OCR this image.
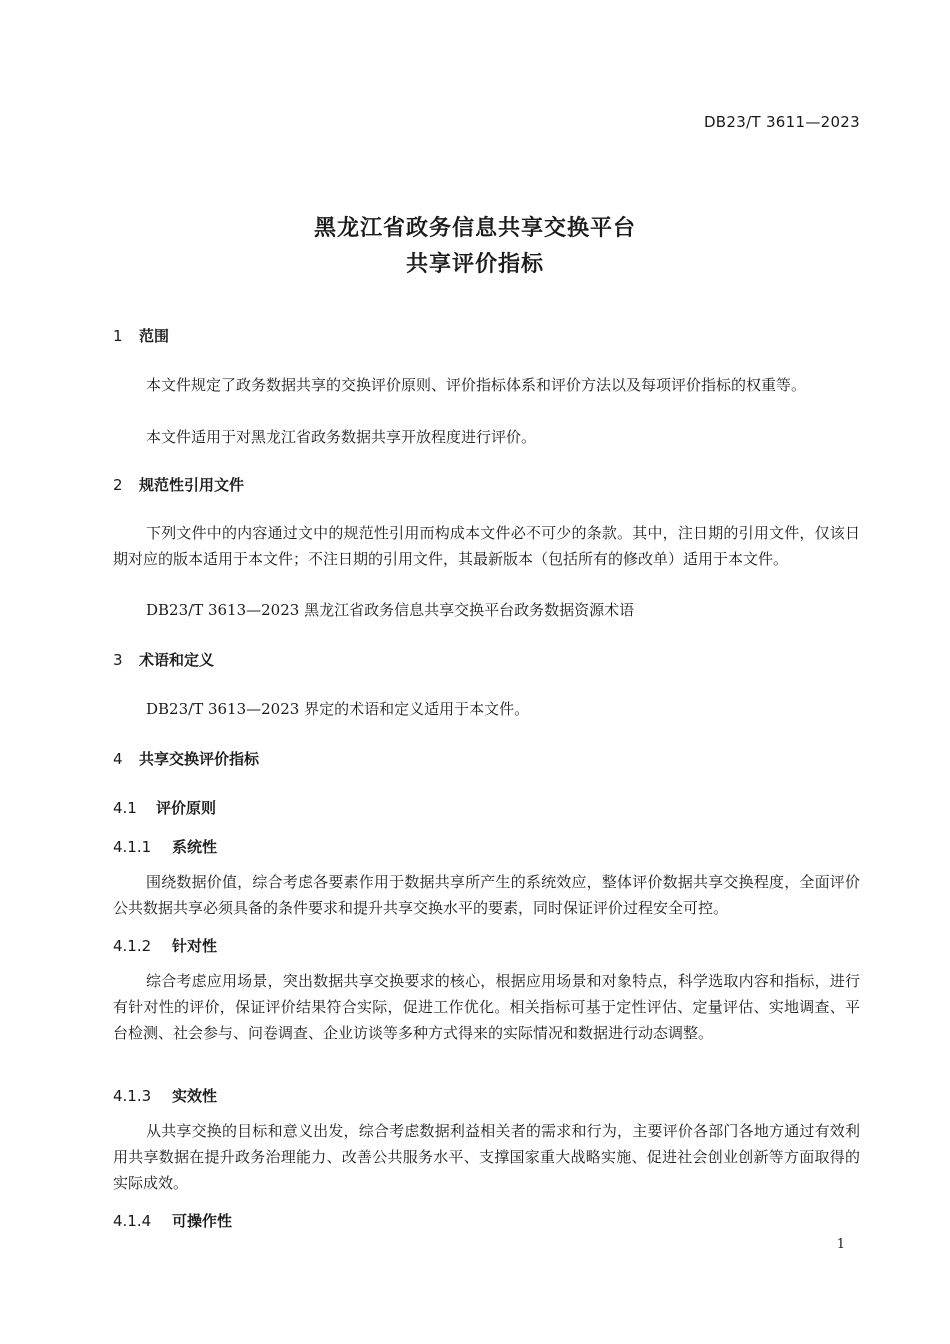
DB23/T 3611—2023
黑龙江省政务信息共享交换平台
共享评价指标
1 范围
本文件规定了政务数据共享的交换评价原则、评价指标体系和评价方法以及每项评价指标的权重等。
本文件适用于对黑龙江省政务数据共享开放程度进行评价。
2 规范性引用文件
下列文件中的内容通过文中的规范性引用而构成本文件必不可少的条款。其中，注日期的引用文件，仅该日期对应的版本适用于本文件；不注日期的引用文件，其最新版本（包括所有的修改单）适用于本文件。
DB23/T 3613—2023 黑龙江省政务信息共享交换平台政务数据资源术语
3 术语和定义
DB23/T 3613—2023 界定的术语和定义适用于本文件。
4 共享交换评价指标
4.1 评价原则
4.1.1 系统性
围绕数据价值，综合考虑各要素作用于数据共享所产生的系统效应，整体评价数据共享交换程度，全面评价公共数据共享必须具备的条件要求和提升共享交换水平的要素，同时保证评价过程安全可控。
4.1.2 针对性
综合考虑应用场景，突出数据共享交换要求的核心，根据应用场景和对象特点，科学选取内容和指标，进行有针对性的评价，保证评价结果符合实际，促进工作优化。相关指标可基于定性评估、定量评估、实地调查、平台检测、社会参与、问卷调查、企业访谈等多种方式得来的实际情况和数据进行动态调整。
4.1.3 实效性
从共享交换的目标和意义出发，综合考虑数据利益相关者的需求和行为，主要评价各部门各地方通过有效利用共享数据在提升政务治理能力、改善公共服务水平、支撑国家重大战略实施、促进社会创业创新等方面取得的实际成效。
4.1.4 可操作性
1
